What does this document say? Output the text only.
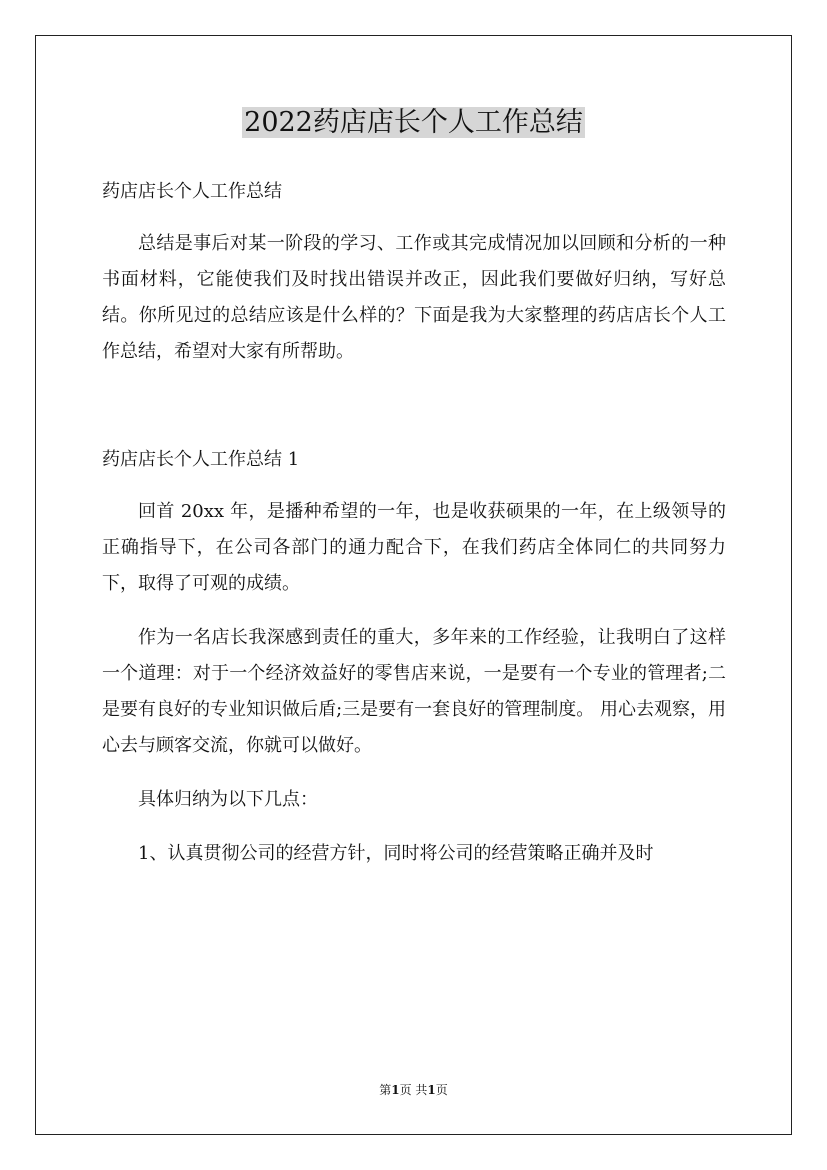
2022药店店长个人工作总结

药店店长个人工作总结

总结是事后对某一阶段的学习、工作或其完成情况加以回顾和分析的一种书面材料，它能使我们及时找出错误并改正，因此我们要做好归纳，写好总结。你所见过的总结应该是什么样的？下面是我为大家整理的药店店长个人工作总结，希望对大家有所帮助。

药店店长个人工作总结 1

回首 20xx 年，是播种希望的一年，也是收获硕果的一年，在上级领导的正确指导下，在公司各部门的通力配合下，在我们药店全体同仁的共同努力下，取得了可观的成绩。

作为一名店长我深感到责任的重大，多年来的工作经验，让我明白了这样一个道理：对于一个经济效益好的零售店来说，一是要有一个专业的管理者;二是要有良好的专业知识做后盾;三是要有一套良好的管理制度。 用心去观察，用心去与顾客交流，你就可以做好。

具体归纳为以下几点：

1、认真贯彻公司的经营方针，同时将公司的经营策略正确并及时

第1页 共1页
